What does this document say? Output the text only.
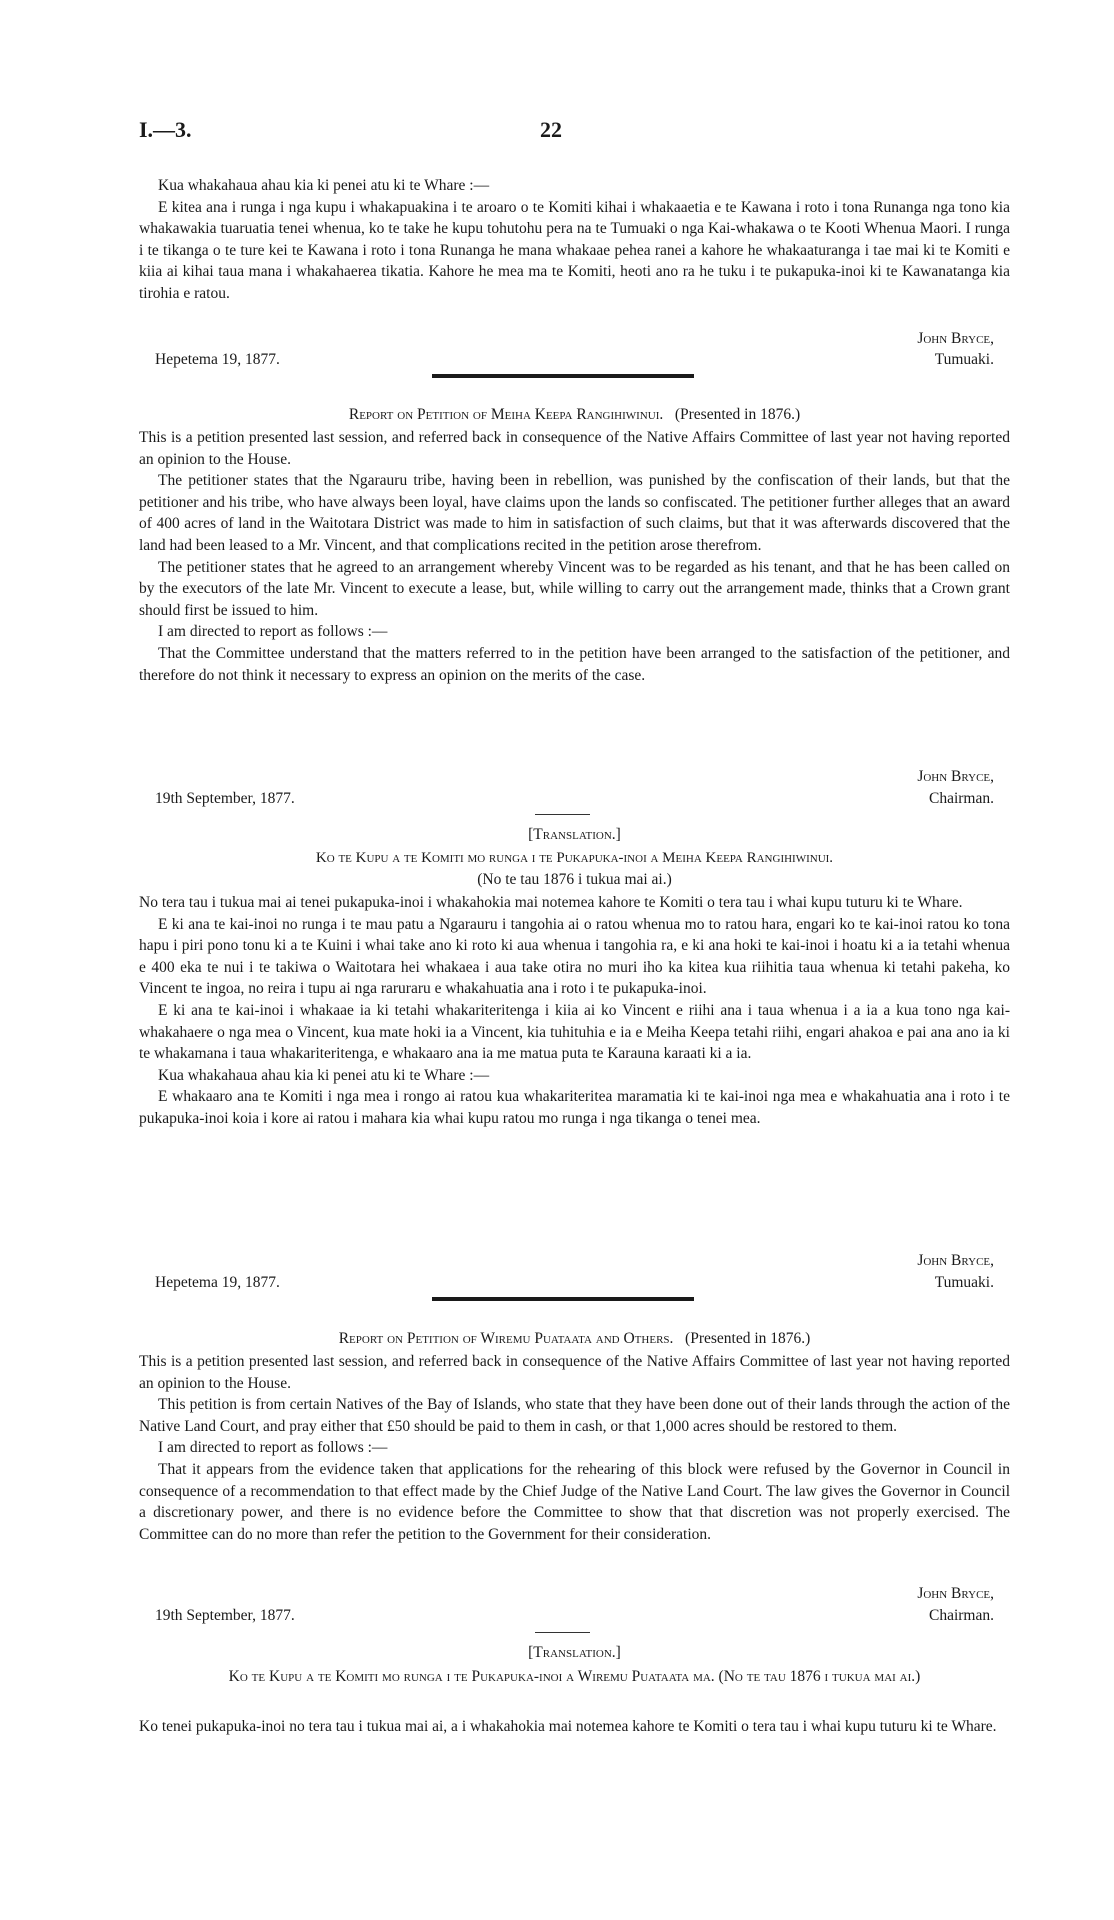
I.—3.	22

Kua whakahaua ahau kia ki penei atu ki te Whare :—

E kitea ana i runga i nga kupu i whakapuakina i te aroaro o te Komiti kihai i whakaaetia e te Kawana i roto i tona Runanga nga tono kia whakawakia tuaruatia tenei whenua, ko te take he kupu tohutohu pera na te Tumuaki o nga Kai-whakawa o te Kooti Whenua Maori. I runga i te tikanga o te ture kei te Kawana i roto i tona Runanga he mana whakaae pehea ranei a kahore he whakaaturanga i tae mai ki te Komiti e kiia ai kihai taua mana i whakahaerea tikatia. Kahore he mea ma te Komiti, heoti ano ra he tuku i te pukapuka-inoi ki te Kawanatanga kia tirohia e ratou.

John Bryce,
Hepetema 19, 1877.	Tumuaki.
Report on Petition of Meiha Keepa Rangihiwinui. (Presented in 1876.)

This is a petition presented last session, and referred back in consequence of the Native Affairs Committee of last year not having reported an opinion to the House.

The petitioner states that the Ngarauru tribe, having been in rebellion, was punished by the confiscation of their lands, but that the petitioner and his tribe, who have always been loyal, have claims upon the lands so confiscated. The petitioner further alleges that an award of 400 acres of land in the Waitotara District was made to him in satisfaction of such claims, but that it was afterwards discovered that the land had been leased to a Mr. Vincent, and that complications recited in the petition arose therefrom.

The petitioner states that he agreed to an arrangement whereby Vincent was to be regarded as his tenant, and that he has been called on by the executors of the late Mr. Vincent to execute a lease, but, while willing to carry out the arrangement made, thinks that a Crown grant should first be issued to him.

I am directed to report as follows :—

That the Committee understand that the matters referred to in the petition have been arranged to the satisfaction of the petitioner, and therefore do not think it necessary to express an opinion on the merits of the case.

John Bryce,
19th September, 1877.	Chairman.
[Translation.]
Ko te Kupu a te Komiti mo runga i te Pukapuka-inoi a Meiha Keepa Rangihiwinui.
(No te tau 1876 i tukua mai ai.)

No tera tau i tukua mai ai tenei pukapuka-inoi i whakahokia mai notemea kahore te Komiti o tera tau i whai kupu tuturu ki te Whare.

E ki ana te kai-inoi no runga i te mau patu a Ngarauru i tangohia ai o ratou whenua mo to ratou hara, engari ko te kai-inoi ratou ko tona hapu i piri pono tonu ki a te Kuini i whai take ano ki roto ki aua whenua i tangohia ra, e ki ana hoki te kai-inoi i hoatu ki a ia tetahi whenua e 400 eka te nui i te takiwa o Waitotara hei whakaea i aua take otira no muri iho ka kitea kua riihitia taua whenua ki tetahi pakeha, ko Vincent te ingoa, no reira i tupu ai nga raruraru e whakahuatia ana i roto i te pukapuka-inoi.

E ki ana te kai-inoi i whakaae ia ki tetahi whakariteritenga i kiia ai ko Vincent e riihi ana i taua whenua i a ia a kua tono nga kai-whakahaere o nga mea o Vincent, kua mate hoki ia a Vincent, kia tuhituhia e ia e Meiha Keepa tetahi riihi, engari ahakoa e pai ana ano ia ki te whakamana i taua whakariteritenga, e whakaaro ana ia me matua puta te Karauna karaati ki a ia.

Kua whakahaua ahau kia ki penei atu ki te Whare :—

E whakaaro ana te Komiti i nga mea i rongo ai ratou kua whakariteritea maramatia ki te kai-inoi nga mea e whakahuatia ana i roto i te pukapuka-inoi koia i kore ai ratou i mahara kia whai kupu ratou mo runga i nga tikanga o tenei mea.

John Bryce,
Hepetema 19, 1877.	Tumuaki.
Report on Petition of Wiremu Puataata and Others. (Presented in 1876.)

This is a petition presented last session, and referred back in consequence of the Native Affairs Committee of last year not having reported an opinion to the House.

This petition is from certain Natives of the Bay of Islands, who state that they have been done out of their lands through the action of the Native Land Court, and pray either that £50 should be paid to them in cash, or that 1,000 acres should be restored to them.

I am directed to report as follows :—

That it appears from the evidence taken that applications for the rehearing of this block were refused by the Governor in Council in consequence of a recommendation to that effect made by the Chief Judge of the Native Land Court. The law gives the Governor in Council a discretionary power, and there is no evidence before the Committee to show that that discretion was not properly exercised. The Committee can do no more than refer the petition to the Government for their consideration.

John Bryce,
19th September, 1877.	Chairman.
[Translation.]
Ko te Kupu a te Komiti mo runga i te Pukapuka-inoi a Wiremu Puataata ma. (No te tau 1876 i tukua mai ai.)

Ko tenei pukapuka-inoi no tera tau i tukua mai ai, a i whakahokia mai notemea kahore te Komiti o tera tau i whai kupu tuturu ki te Whare.
